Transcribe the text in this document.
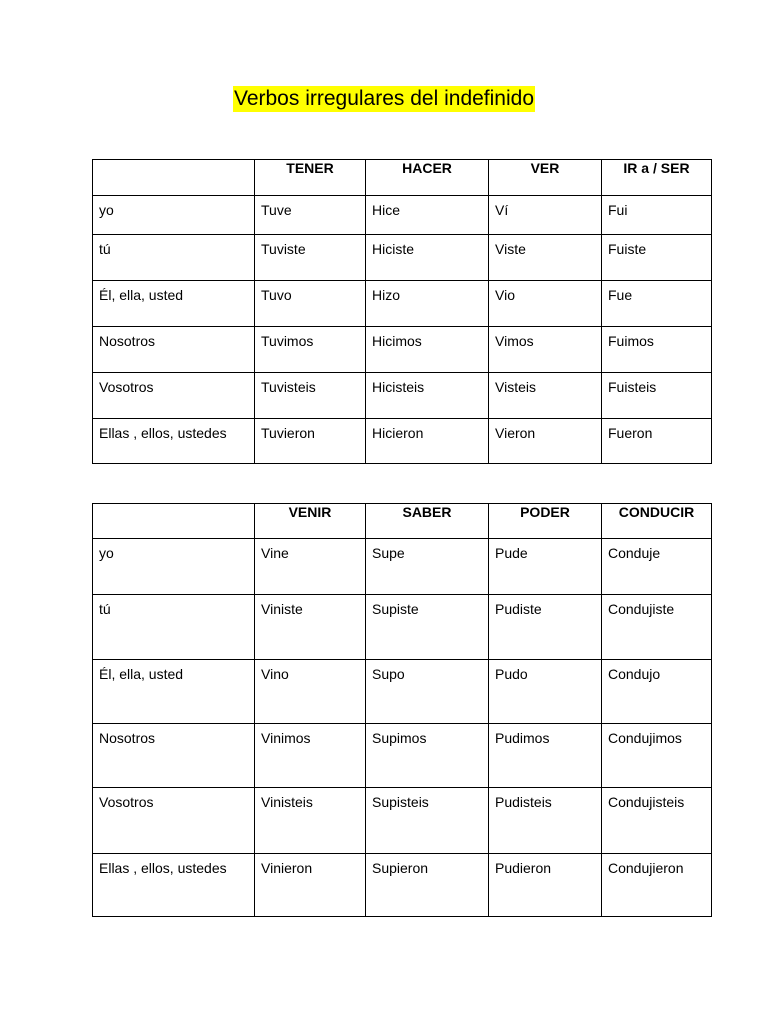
Verbos irregulares del indefinido
	TENER	HACER	VER	IR a / SER
yo	Tuve	Hice	Ví	Fui
tú	Tuviste	Hiciste	Viste	Fuiste
Él, ella, usted	Tuvo	Hizo	Vio	Fue
Nosotros	Tuvimos	Hicimos	Vimos	Fuimos
Vosotros	Tuvisteis	Hicisteis	Visteis	Fuisteis
Ellas , ellos, ustedes	Tuvieron	Hicieron	Vieron	Fueron
	VENIR	SABER	PODER	CONDUCIR
yo	Vine	Supe	Pude	Conduje
tú	Viniste	Supiste	Pudiste	Condujiste
Él, ella, usted	Vino	Supo	Pudo	Condujo
Nosotros	Vinimos	Supimos	Pudimos	Condujimos
Vosotros	Vinisteis	Supisteis	Pudisteis	Condujisteis
Ellas , ellos, ustedes	Vinieron	Supieron	Pudieron	Condujieron
